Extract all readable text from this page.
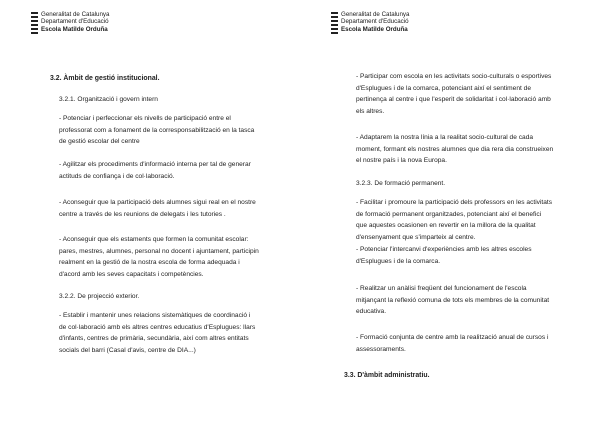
Generalitat de Catalunya
Departament d'Educació
Escola Matilde Orduña
3.2. Àmbit de gestió institucional.
3.2.1. Organització i govern intern
- Potenciar i perfeccionar els nivells de participació entre el
professorat com a fonament de la corresponsabilització en la tasca
de gestió escolar del centre
- Agilitzar els procediments d'informació interna per tal de generar
actituds de confiança i de col·laboració.
- Aconseguir que la participació dels alumnes sigui real en el nostre
centre a través de les reunions de delegats i les tutories .
- Aconseguir que els estaments que formen la comunitat escolar:
pares, mestres, alumnes, personal no docent i ajuntament, participin
realment en la gestió de la nostra escola de forma adequada i
d'acord amb les seves capacitats i competències.
3.2.2. De projecció exterior.
- Establir i mantenir unes relacions sistemàtiques de coordinació i
de col·laboració amb els altres centres educatius d'Esplugues: llars
d'infants, centres de primària, secundària, així com altres entitats
socials del barri (Casal d'avis, centre de DIA...)
Generalitat de Catalunya
Departament d'Educació
Escola Matilde Orduña
- Participar com escola en les activitats socio-culturals o esportives
d'Esplugues i de la comarca, potenciant així el sentiment de
pertinença al centre i que l'esperit de solidaritat i col·laboració amb
els altres.
- Adaptarem la nostra línia a la realitat socio-cultural de cada
moment, formant els nostres alumnes que dia rera dia construeixen
el nostre país i la nova Europa.
3.2.3. De formació permanent.
- Facilitar i promoure la participació dels professors en les activitats
de formació permanent organitzades, potenciant així el benefici
que aquestes ocasionen en revertir en la millora de la qualitat
d'ensenyament que s'imparteix al centre.
- Potenciar l'intercanvi d'experiències amb les altres escoles
d'Esplugues i de la comarca.
- Realitzar un anàlisi freqüent del funcionament de l'escola
mitjançant la reflexió comuna de tots els membres de la comunitat
educativa.
- Formació conjunta de centre amb la realització anual de cursos i
assessoraments.
3.3. D'àmbit administratiu.
